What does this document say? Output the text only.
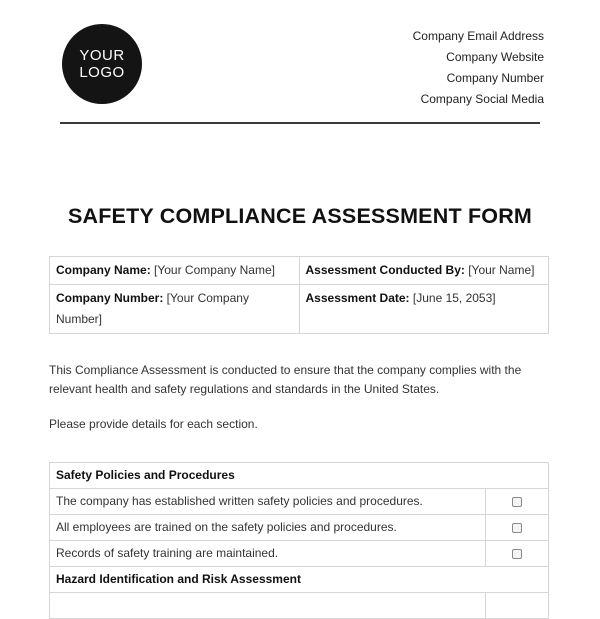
YOUR
LOGO
Company Email Address
Company Website
Company Number
Company Social Media
SAFETY COMPLIANCE ASSESSMENT FORM
Company Name: [Your Company Name]	Assessment Conducted By: [Your Name]
Company Number: [Your Company Number]	Assessment Date: [June 15, 2053]
This Compliance Assessment is conducted to ensure that the company complies with the relevant health and safety regulations and standards in the United States.
Please provide details for each section.
Safety Policies and Procedures	
The company has established written safety policies and procedures.	
All employees are trained on the safety policies and procedures.	
Records of safety training are maintained.	
Hazard Identification and Risk Assessment	
